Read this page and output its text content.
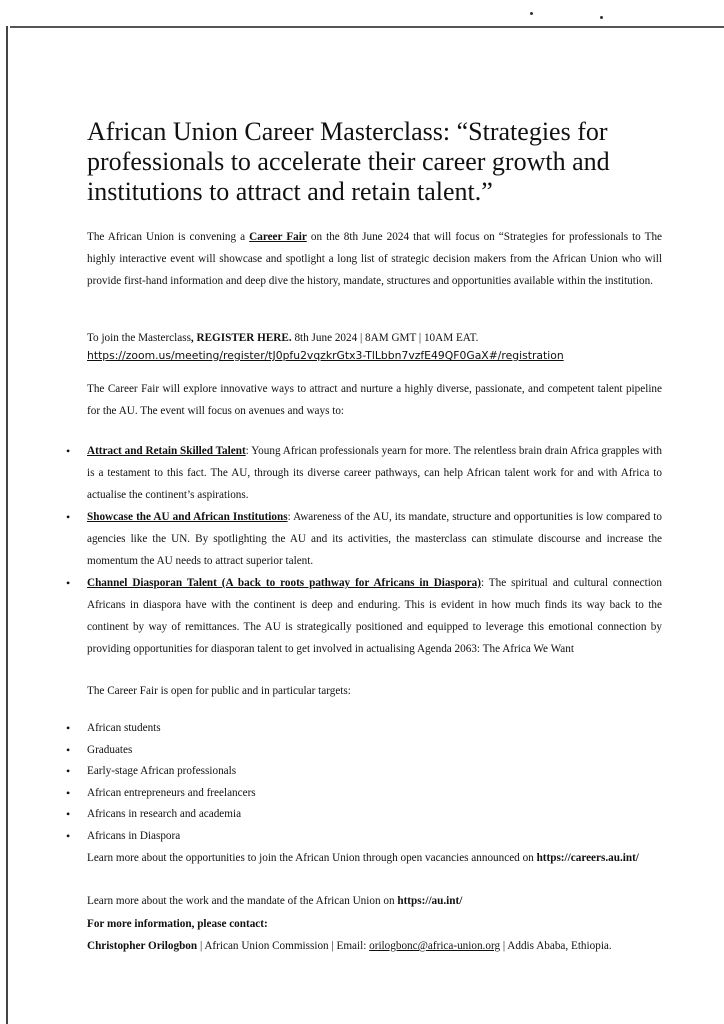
African Union Career Masterclass: “Strategies for professionals to accelerate their career growth and institutions to attract and retain talent.”

The African Union is convening a Career Fair on the 8th June 2024 that will focus on “Strategies for professionals to The highly interactive event will showcase and spotlight a long list of strategic decision makers from the African Union who will provide first-hand information and deep dive the history, mandate, structures and opportunities available within the institution.

To join the Masterclass, REGISTER HERE. 8th June 2024 | 8AM GMT | 10AM EAT.
https://zoom.us/meeting/register/tJ0pfu2vqzkrGtx3-TlLbbn7vzfE49QF0GaX#/registration

The Career Fair will explore innovative ways to attract and nurture a highly diverse, passionate, and competent talent pipeline for the AU. The event will focus on avenues and ways to:

• Attract and Retain Skilled Talent: Young African professionals yearn for more. The relentless brain drain Africa grapples with is a testament to this fact. The AU, through its diverse career pathways, can help African talent work for and with Africa to actualise the continent’s aspirations.
• Showcase the AU and African Institutions: Awareness of the AU, its mandate, structure and opportunities is low compared to agencies like the UN. By spotlighting the AU and its activities, the masterclass can stimulate discourse and increase the momentum the AU needs to attract superior talent.
• Channel Diasporan Talent (A back to roots pathway for Africans in Diaspora): The spiritual and cultural connection Africans in diaspora have with the continent is deep and enduring. This is evident in how much finds its way back to the continent by way of remittances. The AU is strategically positioned and equipped to leverage this emotional connection by providing opportunities for diasporan talent to get involved in actualising Agenda 2063: The Africa We Want

The Career Fair is open for public and in particular targets:

• African students
• Graduates
• Early-stage African professionals
• African entrepreneurs and freelancers
• Africans in research and academia
• Africans in Diaspora

Learn more about the opportunities to join the African Union through open vacancies announced on https://careers.au.int/

Learn more about the work and the mandate of the African Union on https://au.int/

For more information, please contact:

Christopher Orilogbon | African Union Commission | Email: orilogbonc@africa-union.org | Addis Ababa, Ethiopia.
